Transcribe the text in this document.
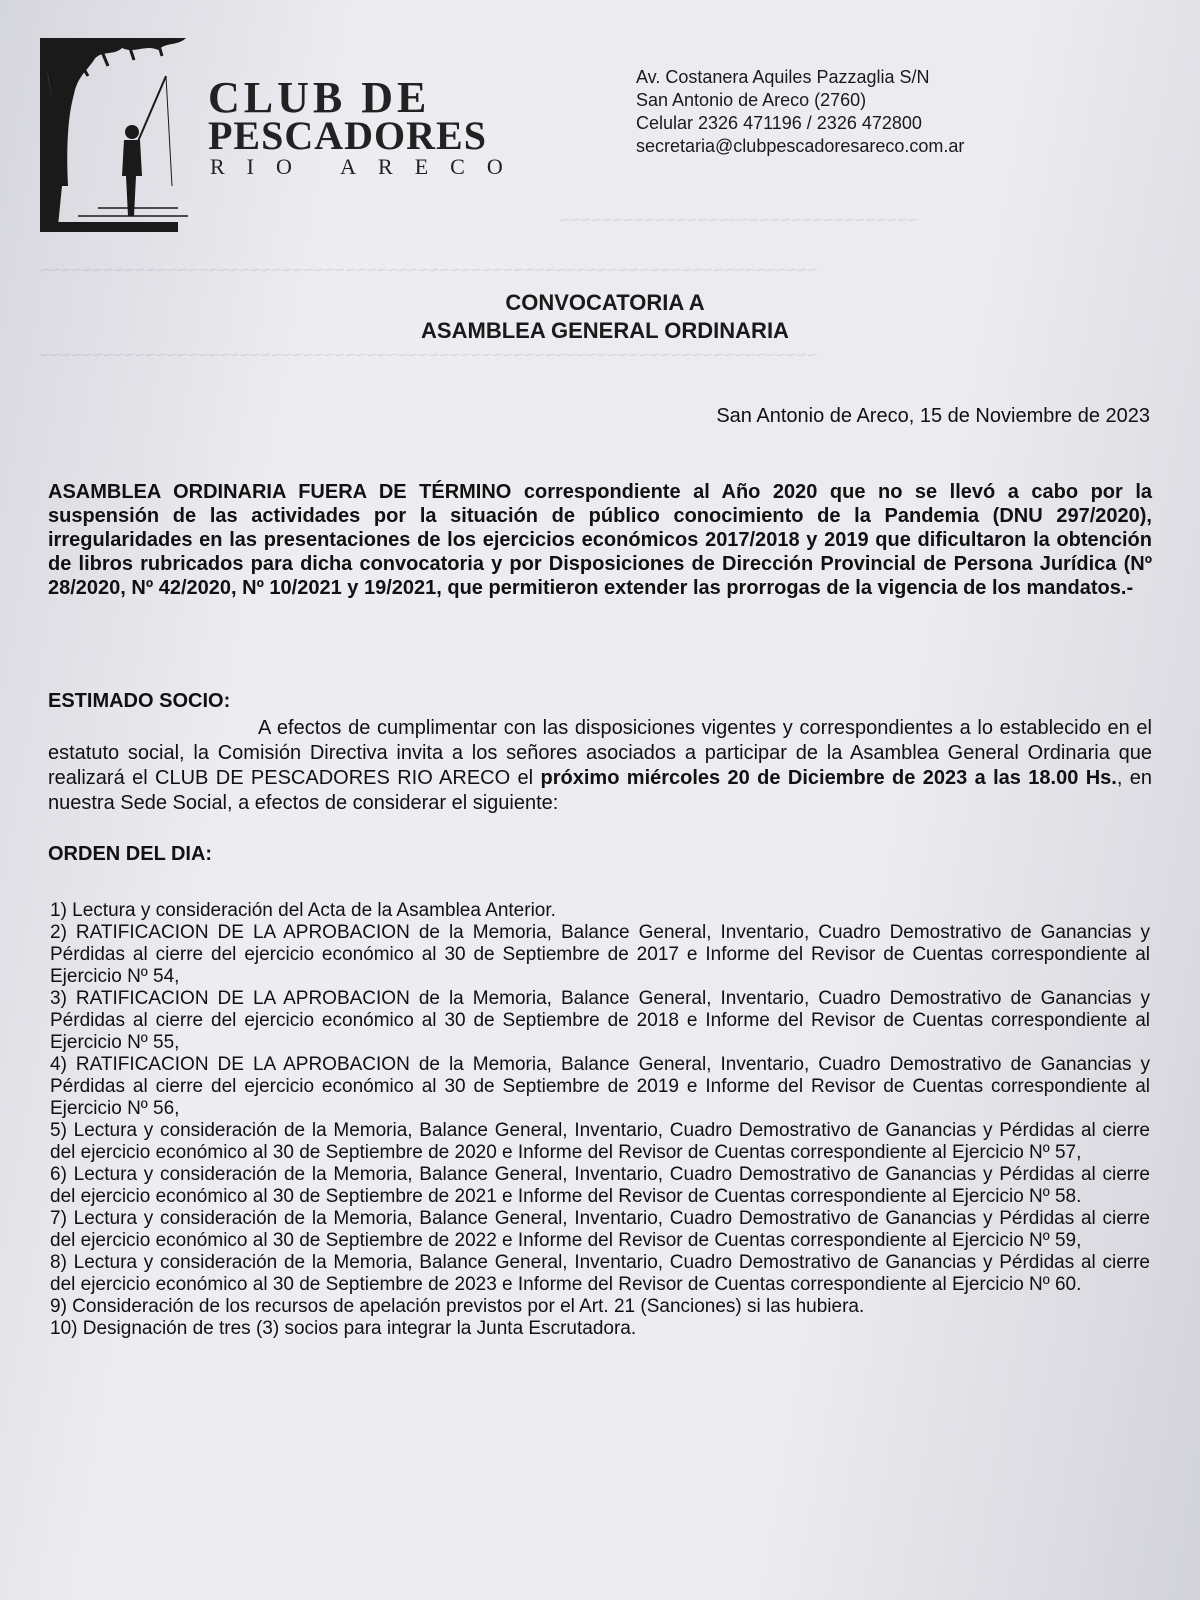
~~~~~~~~~~~~~~~~~~~~~~~~~~~~~~~~~~
~~~~~~~~~~~~~~~~~~~~~~~~~~~~~~~~~~~~~~~~~~~~~~~~~~~~~~~~~~~~~~~~~~~~~~~~~~
~~~~~~~~~~~~~~~~~~~~~~~~~~~~~~~~~~~~~~~~~~~~~~~~~~~~~~~~~~~~~~~~~~~~~~~~~~
CLUB DE
PESCADORES
RIO ARECO
Av. Costanera Aquiles Pazzaglia S/N
San Antonio de Areco (2760)
Celular 2326 471196 / 2326 472800
secretaria@clubpescadoresareco.com.ar
CONVOCATORIA A
ASAMBLEA GENERAL ORDINARIA
San Antonio de Areco, 15 de Noviembre de 2023
ASAMBLEA ORDINARIA FUERA DE TÉRMINO correspondiente al Año 2020 que no se llevó a cabo por la suspensión de las actividades por la situación de público conocimiento de la Pandemia (DNU 297/2020), irregularidades en las presentaciones de los ejercicios económicos 2017/2018 y 2019 que dificultaron la obtención de libros rubricados para dicha convocatoria y por Disposiciones de Dirección Provincial de Persona Jurídica (Nº 28/2020, Nº 42/2020, Nº 10/2021 y 19/2021, que permitieron extender las prorrogas de la vigencia de los mandatos.-
ESTIMADO SOCIO:
A efectos de cumplimentar con las disposiciones vigentes y correspondientes a lo establecido en el estatuto social, la Comisión Directiva invita a los señores asociados a participar de la Asamblea General Ordinaria que realizará el CLUB DE PESCADORES RIO ARECO el próximo miércoles 20 de Diciembre de 2023 a las 18.00 Hs., en nuestra Sede Social, a efectos de considerar el siguiente:
ORDEN DEL DIA:
1) Lectura y consideración del Acta de la Asamblea Anterior.
2) RATIFICACION DE LA APROBACION de la Memoria, Balance General, Inventario, Cuadro Demostrativo de Ganancias y Pérdidas al cierre del ejercicio económico al 30 de Septiembre de 2017 e Informe del Revisor de Cuentas correspondiente al Ejercicio Nº 54,
3) RATIFICACION DE LA APROBACION de la Memoria, Balance General, Inventario, Cuadro Demostrativo de Ganancias y Pérdidas al cierre del ejercicio económico al 30 de Septiembre de 2018 e Informe del Revisor de Cuentas correspondiente al Ejercicio Nº 55,
4) RATIFICACION DE LA APROBACION de la Memoria, Balance General, Inventario, Cuadro Demostrativo de Ganancias y Pérdidas al cierre del ejercicio económico al 30 de Septiembre de 2019 e Informe del Revisor de Cuentas correspondiente al Ejercicio Nº 56,
5) Lectura y consideración de la Memoria, Balance General, Inventario, Cuadro Demostrativo de Ganancias y Pérdidas al cierre del ejercicio económico al 30 de Septiembre de 2020 e Informe del Revisor de Cuentas correspondiente al Ejercicio Nº 57,
6) Lectura y consideración de la Memoria, Balance General, Inventario, Cuadro Demostrativo de Ganancias y Pérdidas al cierre del ejercicio económico al 30 de Septiembre de 2021 e Informe del Revisor de Cuentas correspondiente al Ejercicio Nº 58.
7) Lectura y consideración de la Memoria, Balance General, Inventario, Cuadro Demostrativo de Ganancias y Pérdidas al cierre del ejercicio económico al 30 de Septiembre de 2022 e Informe del Revisor de Cuentas correspondiente al Ejercicio Nº 59,
8) Lectura y consideración de la Memoria, Balance General, Inventario, Cuadro Demostrativo de Ganancias y Pérdidas al cierre del ejercicio económico al 30 de Septiembre de 2023 e Informe del Revisor de Cuentas correspondiente al Ejercicio Nº 60.
9) Consideración de los recursos de apelación previstos por el Art. 21 (Sanciones) si las hubiera.
10) Designación de tres (3) socios para integrar la Junta Escrutadora.
